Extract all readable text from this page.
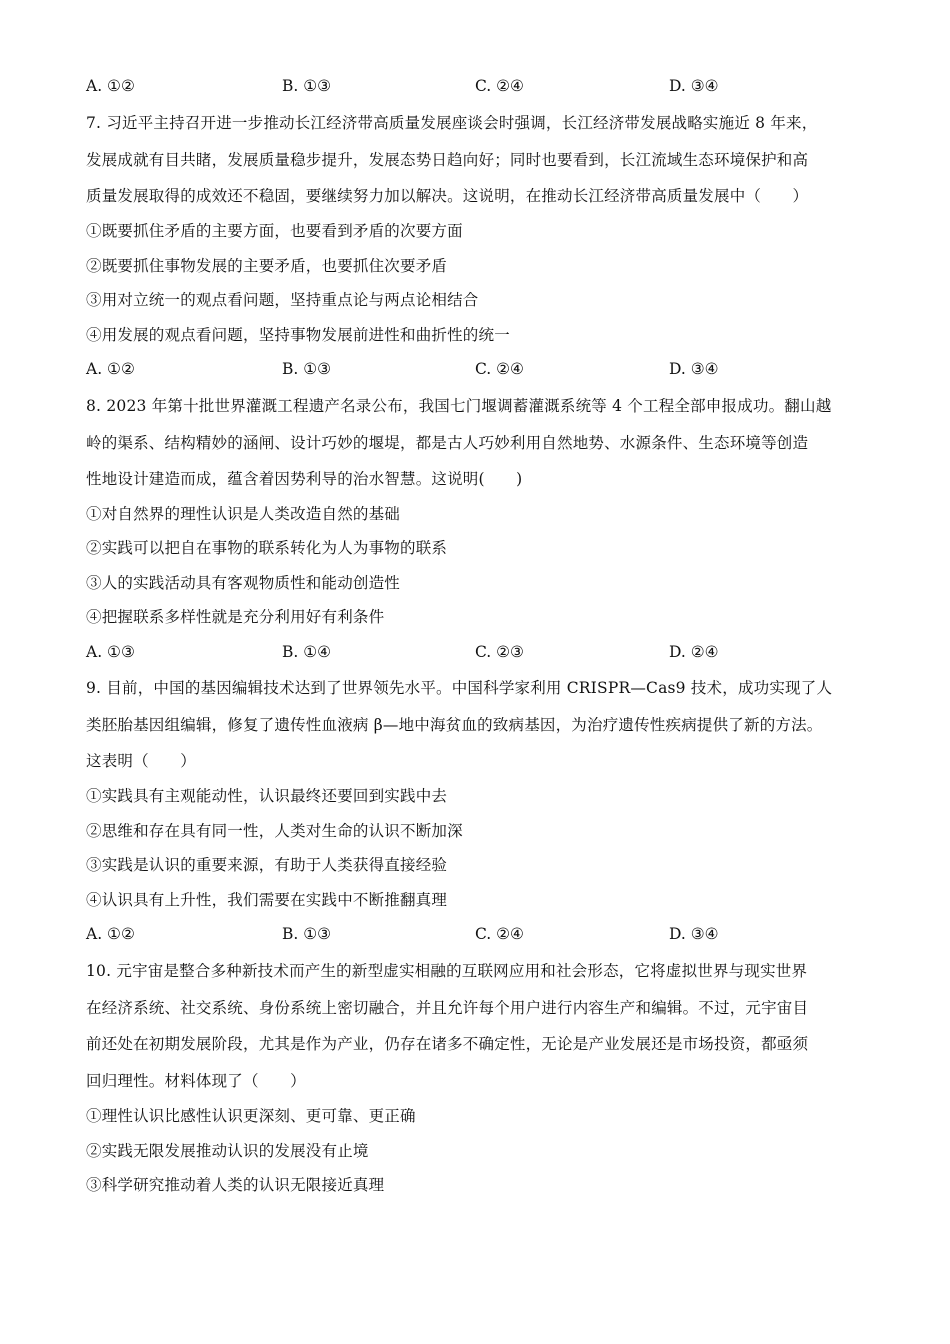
A. ①②	B. ①③	C. ②④	D. ③④
7. 习近平主持召开进一步推动长江经济带高质量发展座谈会时强调，长江经济带发展战略实施近 8 年来，
发展成就有目共睹，发展质量稳步提升，发展态势日趋向好；同时也要看到，长江流域生态环境保护和高
质量发展取得的成效还不稳固，要继续努力加以解决。这说明，在推动长江经济带高质量发展中（　　）
①既要抓住矛盾的主要方面，也要看到矛盾的次要方面
②既要抓住事物发展的主要矛盾，也要抓住次要矛盾
③用对立统一的观点看问题，坚持重点论与两点论相结合
④用发展的观点看问题，坚持事物发展前进性和曲折性的统一
A. ①②	B. ①③	C. ②④	D. ③④
8. 2023 年第十批世界灌溉工程遗产名录公布，我国七门堰调蓄灌溉系统等 4 个工程全部申报成功。翻山越
岭的渠系、结构精妙的涵闸、设计巧妙的堰堤，都是古人巧妙利用自然地势、水源条件、生态环境等创造
性地设计建造而成，蕴含着因势利导的治水智慧。这说明(　　)
①对自然界的理性认识是人类改造自然的基础
②实践可以把自在事物的联系转化为人为事物的联系
③人的实践活动具有客观物质性和能动创造性
④把握联系多样性就是充分利用好有利条件
A. ①③	B. ①④	C. ②③	D. ②④
9. 目前，中国的基因编辑技术达到了世界领先水平。中国科学家利用 CRISPR—Cas9 技术，成功实现了人
类胚胎基因组编辑，修复了遗传性血液病 β—地中海贫血的致病基因，为治疗遗传性疾病提供了新的方法。
这表明（　　）
①实践具有主观能动性，认识最终还要回到实践中去
②思维和存在具有同一性，人类对生命的认识不断加深
③实践是认识的重要来源，有助于人类获得直接经验
④认识具有上升性，我们需要在实践中不断推翻真理
A. ①②	B. ①③	C. ②④	D. ③④
10. 元宇宙是整合多种新技术而产生的新型虚实相融的互联网应用和社会形态，它将虚拟世界与现实世界
在经济系统、社交系统、身份系统上密切融合，并且允许每个用户进行内容生产和编辑。不过，元宇宙目
前还处在初期发展阶段，尤其是作为产业，仍存在诸多不确定性，无论是产业发展还是市场投资，都亟须
回归理性。材料体现了（　　）
①理性认识比感性认识更深刻、更可靠、更正确
②实践无限发展推动认识的发展没有止境
③科学研究推动着人类的认识无限接近真理
